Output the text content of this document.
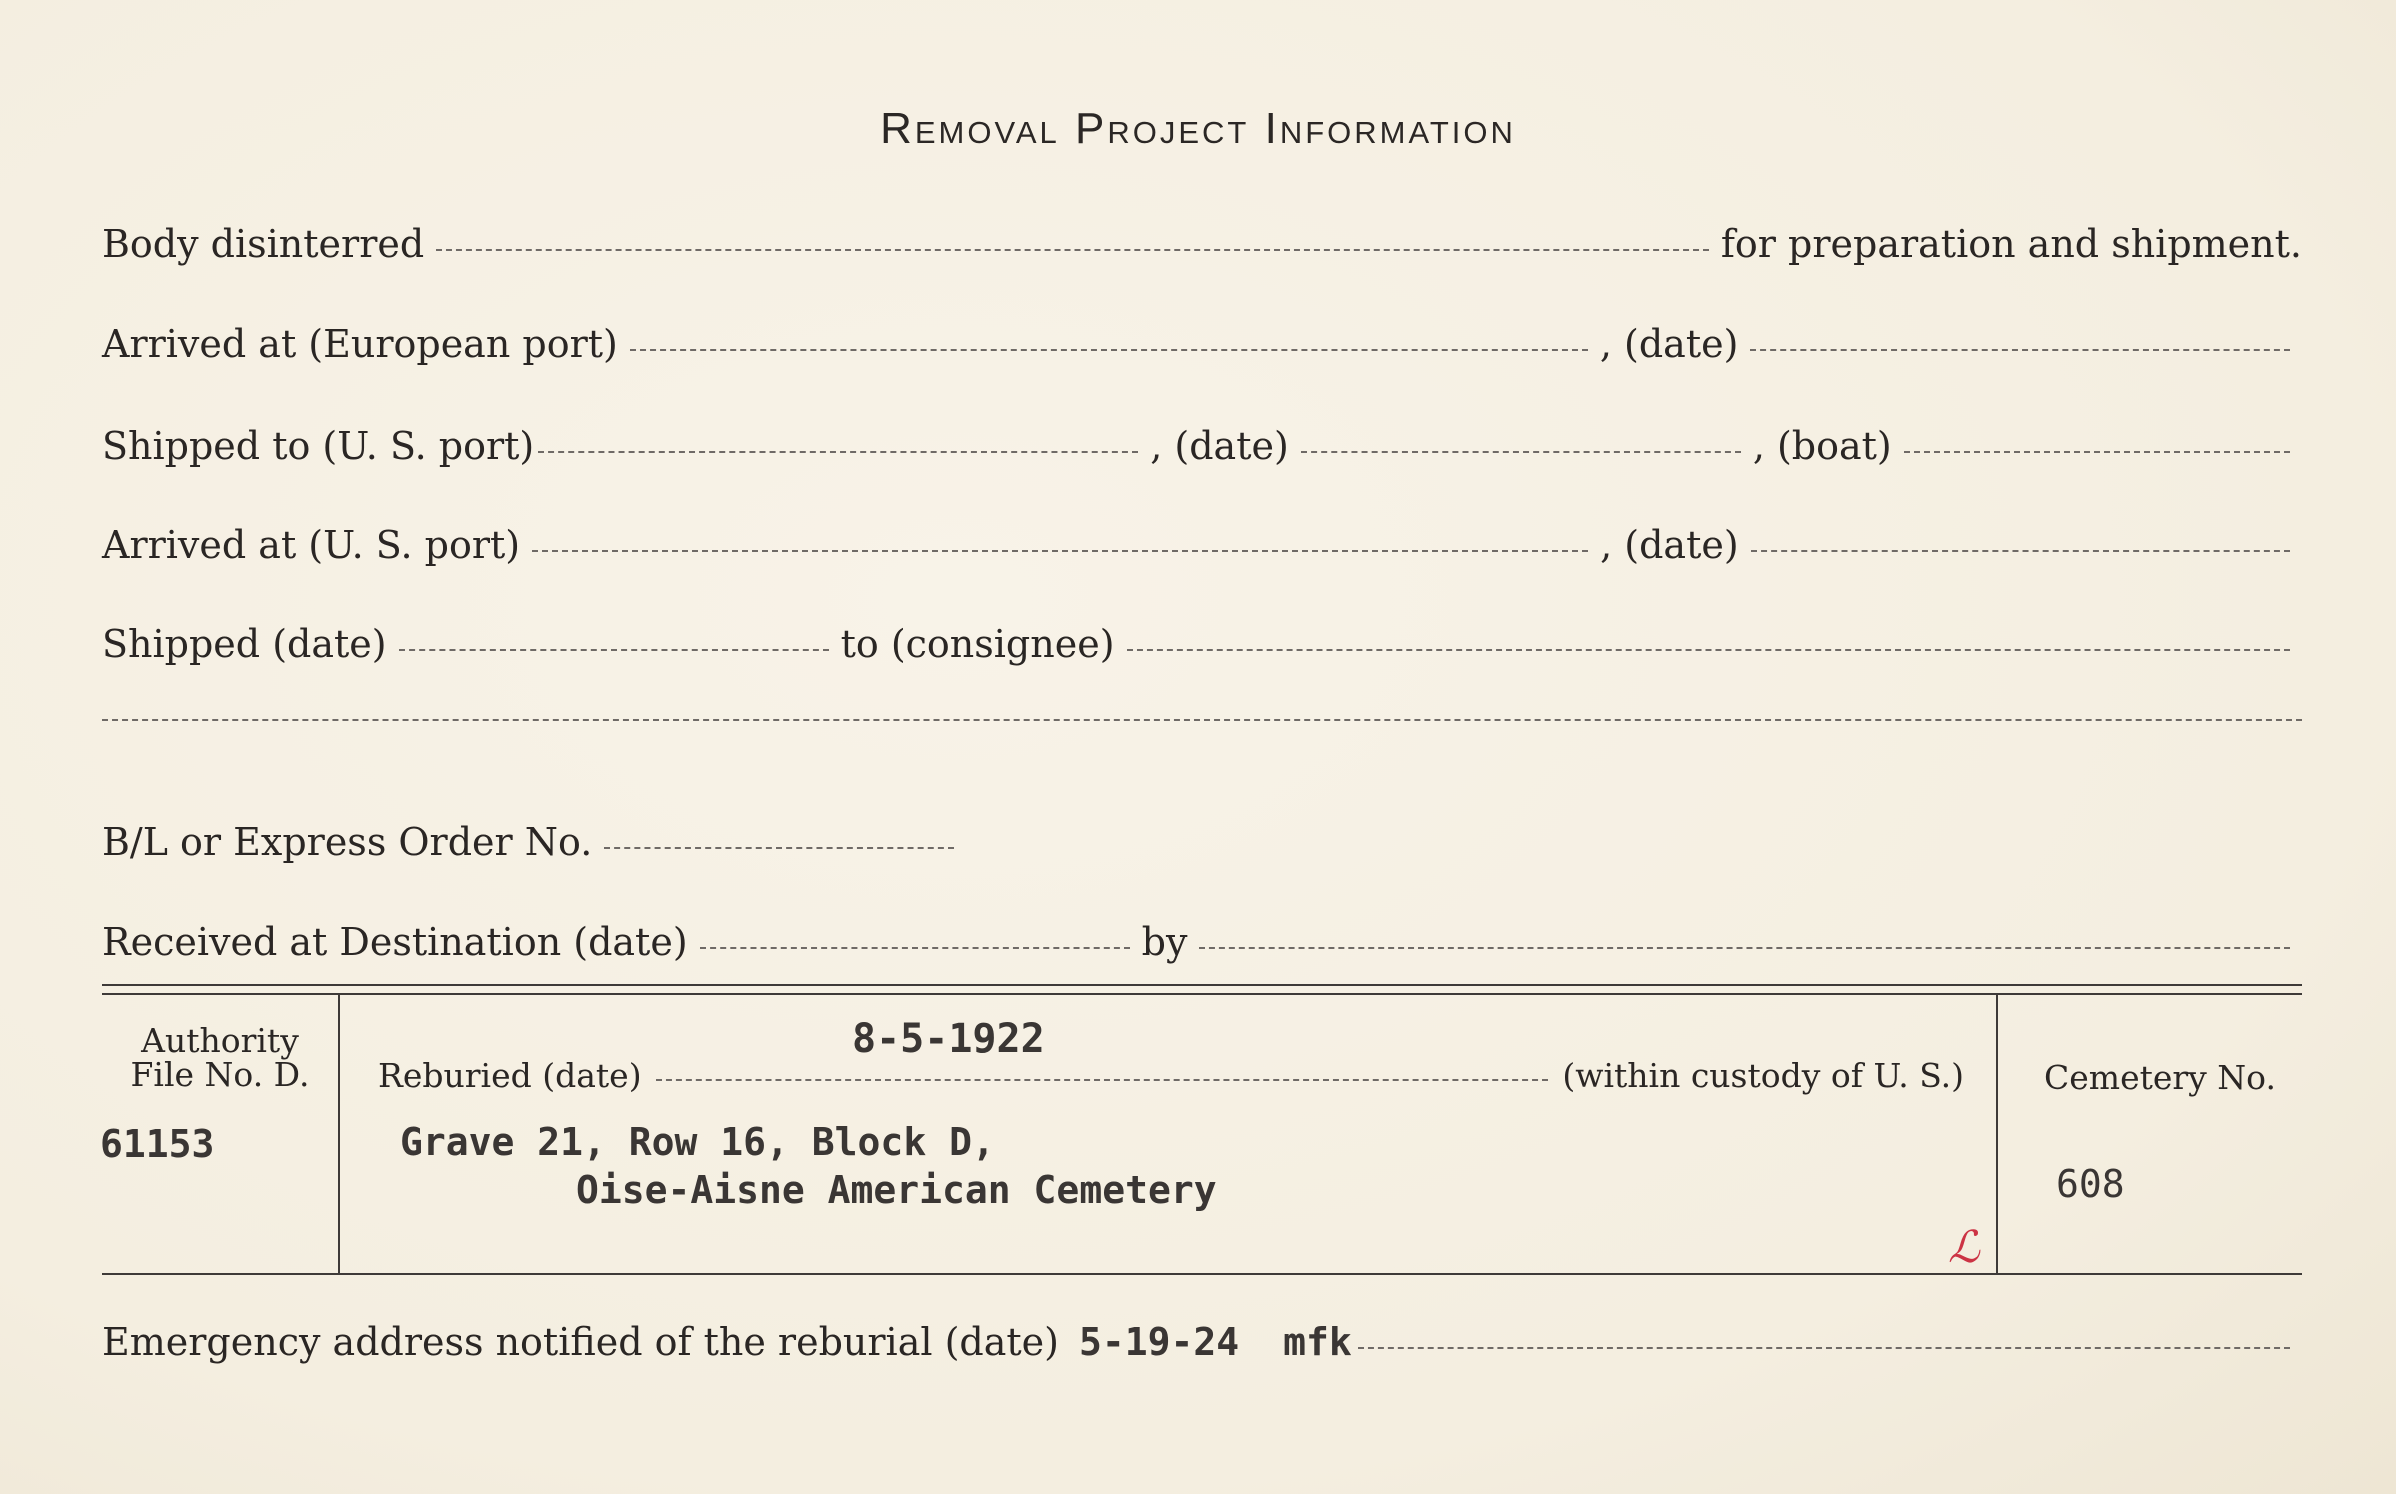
Removal Project Information
Body disinterred	for preparation and shipment.
Arrived at (European port)	, (date)
Shipped to (U. S. port)	, (date)	, (boat)
Arrived at (U. S. port)	, (date)
Shipped (date)	to (consignee)
B/L or Express Order No.
Received at Destination (date)	by
Authority
File No. D.
61153
8-5-1922
Reburied (date)	(within custody of U. S.)
Grave 21, Row 16, Block D,
Oise-Aisne American Cemetery
ℒ
Cemetery No.
608
Emergency address notified of the reburial (date) 5-19-24 mfk
